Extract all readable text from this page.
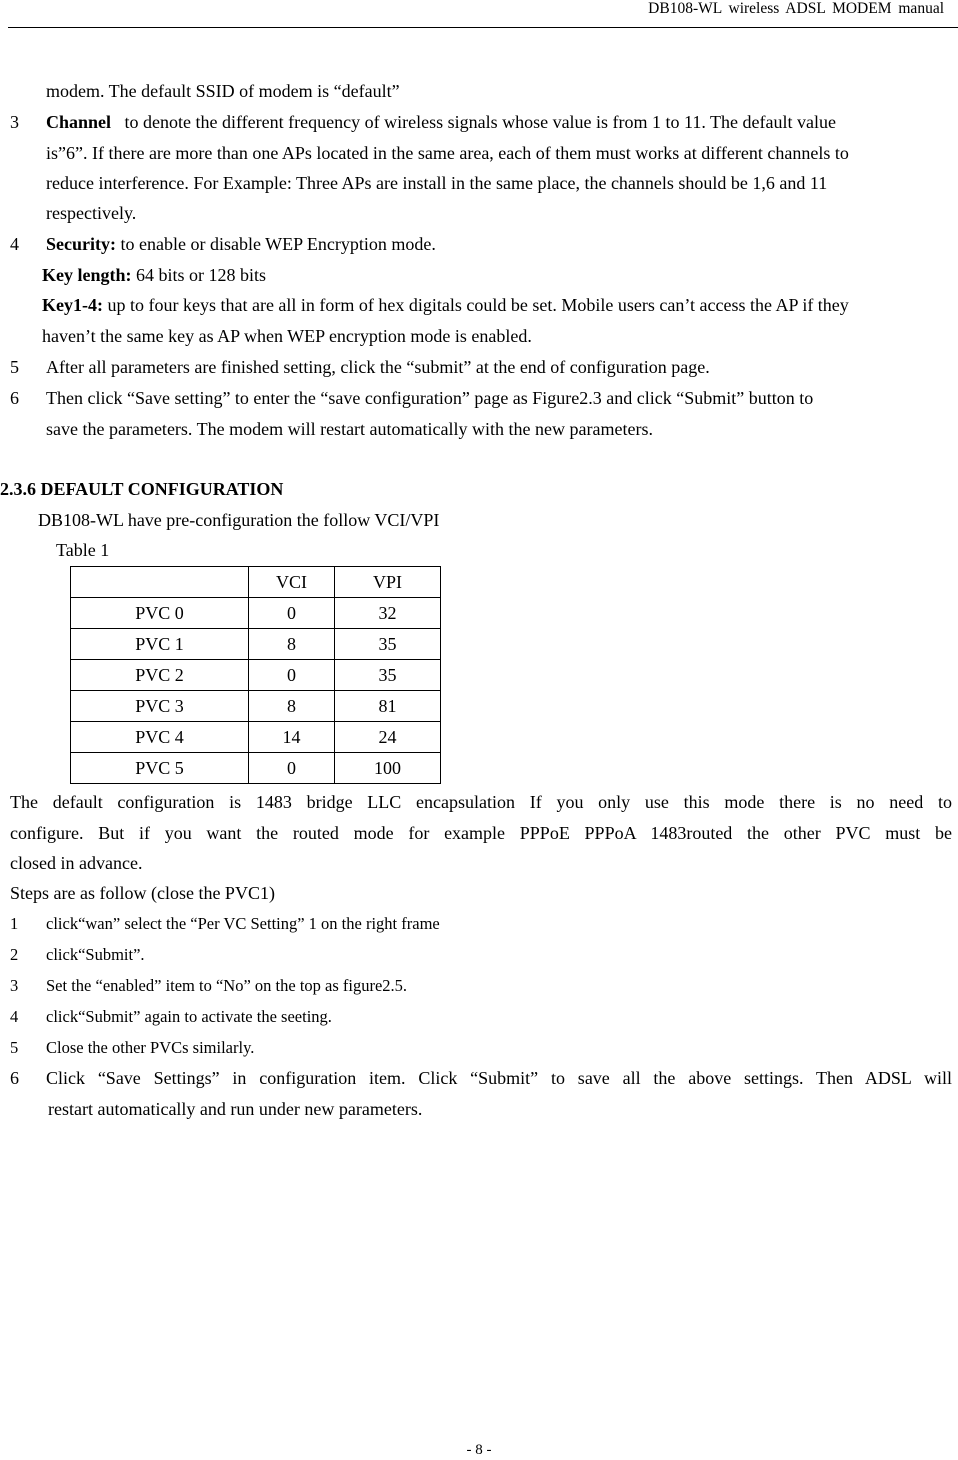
DB108-WL wireless ADSL MODEM manual
modem. The default SSID of modem is “default”
3 Channel to denote the different frequency of wireless signals whose value is from 1 to 11. The default value
is”6”. If there are more than one APs located in the same area, each of them must works at different channels to
reduce interference. For Example: Three APs are install in the same place, the channels should be 1,6 and 11
respectively.
4 Security: to enable or disable WEP Encryption mode.
Key length: 64 bits or 128 bits
Key1-4: up to four keys that are all in form of hex digitals could be set. Mobile users can’t access the AP if they
haven’t the same key as AP when WEP encryption mode is enabled.
5 After all parameters are finished setting, click the “submit” at the end of configuration page.
6 Then click “Save setting” to enter the “save configuration” page as Figure2.3 and click “Submit” button to
save the parameters. The modem will restart automatically with the new parameters.
2.3.6 DEFAULT CONFIGURATION
DB108-WL have pre-configuration the follow VCI/VPI
Table 1
	VCI	VPI
PVC 0	0	32
PVC 1	8	35
PVC 2	0	35
PVC 3	8	81
PVC 4	14	24
PVC 5	0	100
The default configuration is 1483 bridge LLC encapsulation If you only use this mode there is no need to
configure. But if you want the routed mode for example PPPoE PPPoA 1483routed the other PVC must be
closed in advance.
Steps are as follow (close the PVC1)
1 click“wan” select the “Per VC Setting” 1 on the right frame
2 click“Submit”.
3 Set the “enabled” item to “No” on the top as figure2.5.
4 click“Submit” again to activate the seeting.
5 Close the other PVCs similarly.
6 Click “Save Settings” in configuration item. Click “Submit” to save all the above settings. Then ADSL will
restart automatically and run under new parameters.
- 8 -
